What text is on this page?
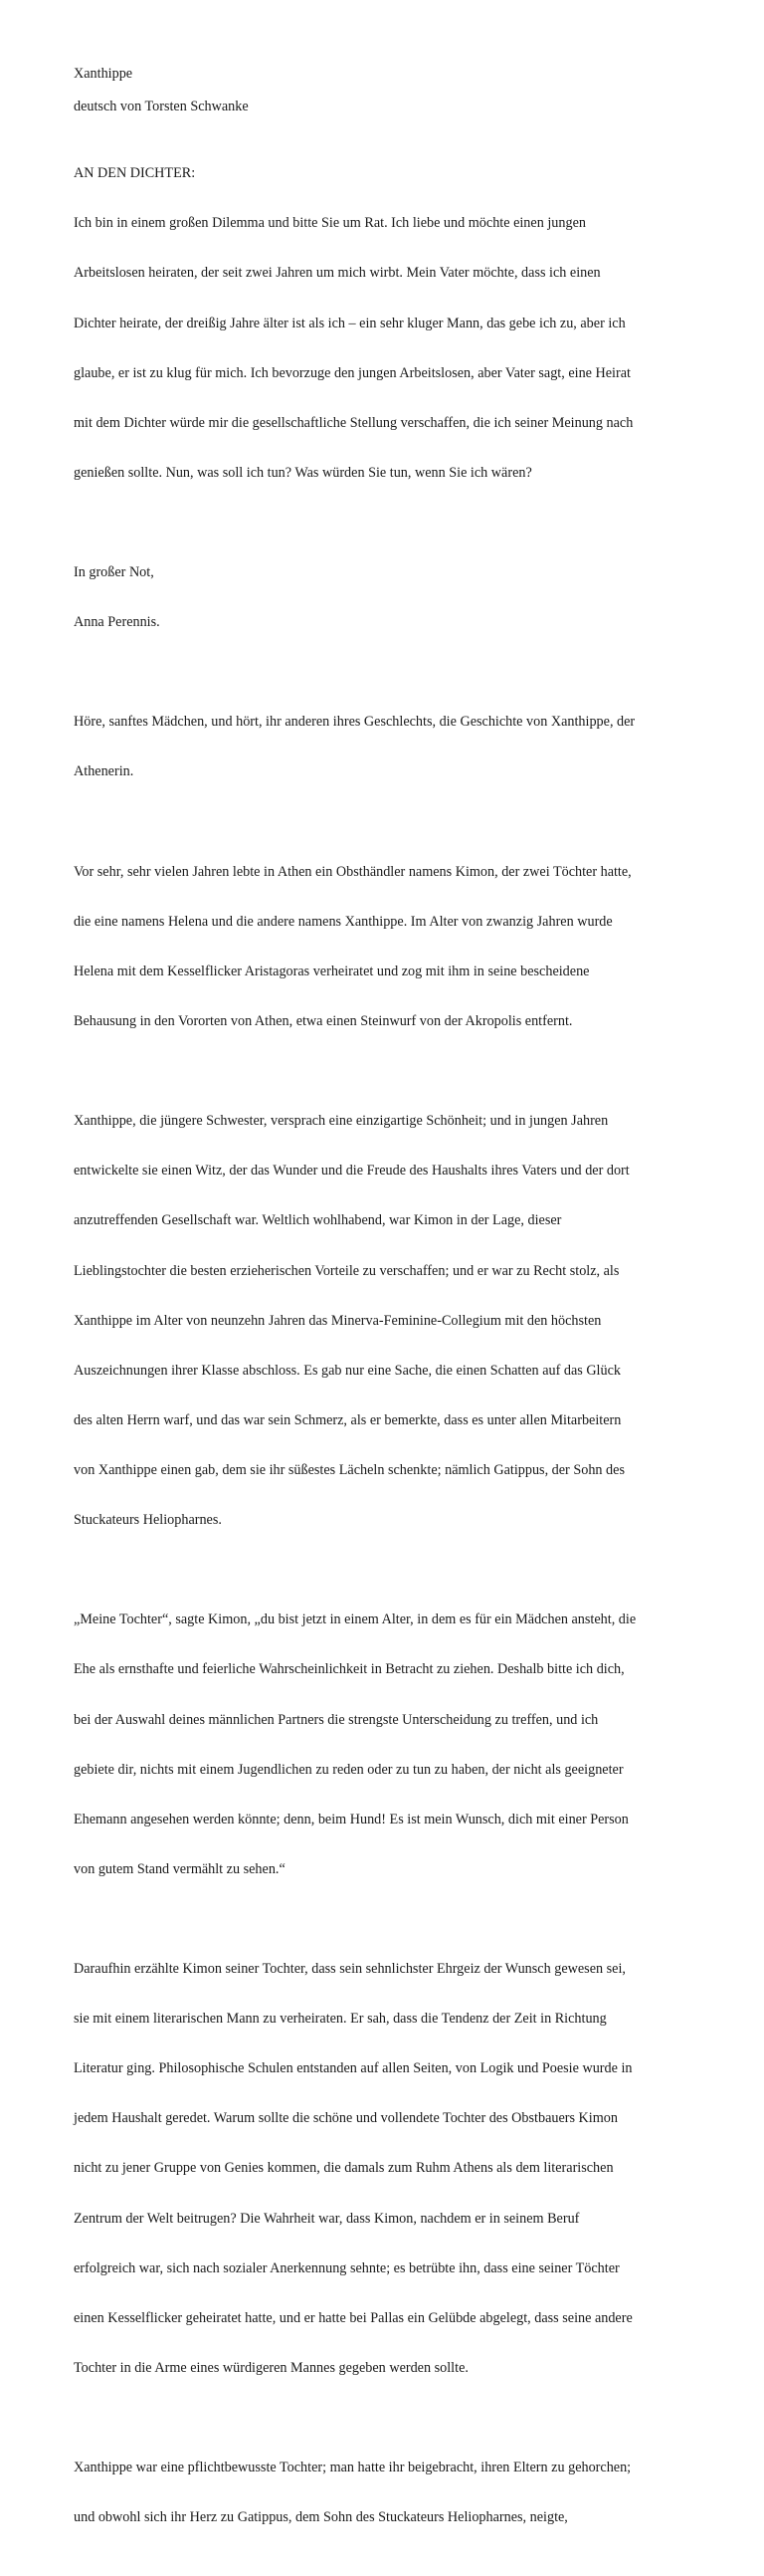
Xanthippe

deutsch von Torsten Schwanke

AN DEN DICHTER:

Ich bin in einem großen Dilemma und bitte Sie um Rat. Ich liebe und möchte einen jungen

Arbeitslosen heiraten, der seit zwei Jahren um mich wirbt. Mein Vater möchte, dass ich einen

Dichter heirate, der dreißig Jahre älter ist als ich – ein sehr kluger Mann, das gebe ich zu, aber ich

glaube, er ist zu klug für mich. Ich bevorzuge den jungen Arbeitslosen, aber Vater sagt, eine Heirat

mit dem Dichter würde mir die gesellschaftliche Stellung verschaffen, die ich seiner Meinung nach

genießen sollte. Nun, was soll ich tun? Was würden Sie tun, wenn Sie ich wären?

In großer Not,

Anna Perennis.

Höre, sanftes Mädchen, und hört, ihr anderen ihres Geschlechts, die Geschichte von Xanthippe, der

Athenerin.

Vor sehr, sehr vielen Jahren lebte in Athen ein Obsthändler namens Kimon, der zwei Töchter hatte,

die eine namens Helena und die andere namens Xanthippe. Im Alter von zwanzig Jahren wurde

Helena mit dem Kesselflicker Aristagoras verheiratet und zog mit ihm in seine bescheidene

Behausung in den Vororten von Athen, etwa einen Steinwurf von der Akropolis entfernt.

Xanthippe, die jüngere Schwester, versprach eine einzigartige Schönheit; und in jungen Jahren

entwickelte sie einen Witz, der das Wunder und die Freude des Haushalts ihres Vaters und der dort

anzutreffenden Gesellschaft war. Weltlich wohlhabend, war Kimon in der Lage, dieser

Lieblingstochter die besten erzieherischen Vorteile zu verschaffen; und er war zu Recht stolz, als

Xanthippe im Alter von neunzehn Jahren das Minerva-Feminine-Collegium mit den höchsten

Auszeichnungen ihrer Klasse abschloss. Es gab nur eine Sache, die einen Schatten auf das Glück

des alten Herrn warf, und das war sein Schmerz, als er bemerkte, dass es unter allen Mitarbeitern

von Xanthippe einen gab, dem sie ihr süßestes Lächeln schenkte; nämlich Gatippus, der Sohn des

Stuckateurs Heliopharnes.

„Meine Tochter“, sagte Kimon, „du bist jetzt in einem Alter, in dem es für ein Mädchen ansteht, die

Ehe als ernsthafte und feierliche Wahrscheinlichkeit in Betracht zu ziehen. Deshalb bitte ich dich,

bei der Auswahl deines männlichen Partners die strengste Unterscheidung zu treffen, und ich

gebiete dir, nichts mit einem Jugendlichen zu reden oder zu tun zu haben, der nicht als geeigneter

Ehemann angesehen werden könnte; denn, beim Hund! Es ist mein Wunsch, dich mit einer Person

von gutem Stand vermählt zu sehen.“

Daraufhin erzählte Kimon seiner Tochter, dass sein sehnlichster Ehrgeiz der Wunsch gewesen sei,

sie mit einem literarischen Mann zu verheiraten. Er sah, dass die Tendenz der Zeit in Richtung

Literatur ging. Philosophische Schulen entstanden auf allen Seiten, von Logik und Poesie wurde in

jedem Haushalt geredet. Warum sollte die schöne und vollendete Tochter des Obstbauers Kimon

nicht zu jener Gruppe von Genies kommen, die damals zum Ruhm Athens als dem literarischen

Zentrum der Welt beitrugen? Die Wahrheit war, dass Kimon, nachdem er in seinem Beruf

erfolgreich war, sich nach sozialer Anerkennung sehnte; es betrübte ihn, dass eine seiner Töchter

einen Kesselflicker geheiratet hatte, und er hatte bei Pallas ein Gelübde abgelegt, dass seine andere

Tochter in die Arme eines würdigeren Mannes gegeben werden sollte.

Xanthippe war eine pflichtbewusste Tochter; man hatte ihr beigebracht, ihren Eltern zu gehorchen;

und obwohl sich ihr Herz zu Gatippus, dem Sohn des Stuckateurs Heliopharnes, neigte,
